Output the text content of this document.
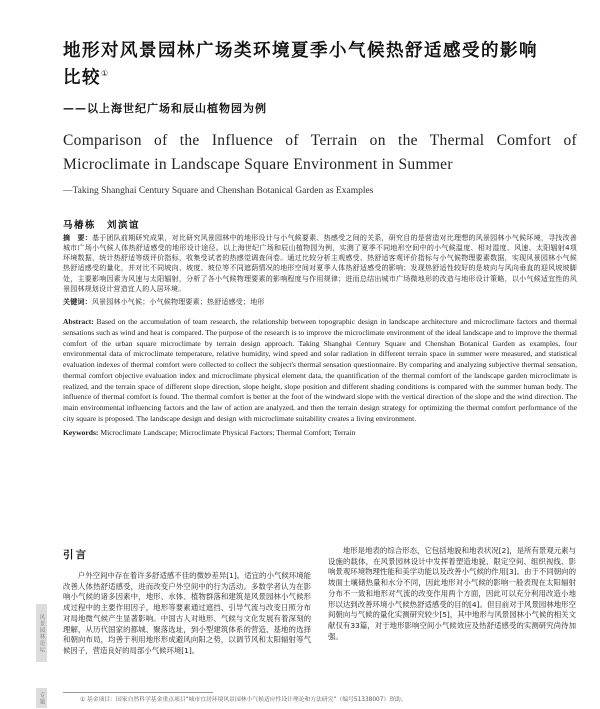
风景园林论坛
专题
地形对风景园林广场类环境夏季小气候热舒适感受的影响
比较①
——以上海世纪广场和辰山植物园为例
Comparison of the Influence of Terrain on the Thermal Comfort of Microclimate in Landscape Square Environment in Summer
—Taking Shanghai Century Square and Chenshan Botanical Garden as Examples
马椿栋　刘滨谊

摘　要：基于团队前期研究成果，对比研究风景园林中的地形设计与小气候要素、热感受之间的关系，研究目的是营造对比理想的风景园林小气候环境，寻找改善城市广场小气候人体热舒适感受的地形设计途径。以上海世纪广场和辰山植物园为例，实测了夏季不同地形空间中的小气候温度、相对湿度、风速、太阳辐射4项环境数据，统计热舒适等级评价指标，收集受试者的热感觉调查问卷。通过比较分析主观感受、热舒适客观评价指标与小气候物理要素数据，实现风景园林小气候热舒适感受的量化，并对比不同坡向、坡度、坡位等不同遮荫情况的地形空间对夏季人体热舒适感受的影响；发现热舒适性较好的是坡向与风向垂直的迎风坡坡脚处，主要影响因素为风速与太阳辐射，分析了各小气候物理要素的影响程度与作用规律；进而总结出城市广场微地形的改造与地形设计策略，以小气候适宜性的风景园林规划设计营造宜人的人居环境。

关键词：风景园林小气候；小气候物理要素；热舒适感受；地形

Abstract: Based on the accumulation of team research, the relationship between topographic design in landscape architecture and microclimate factors and thermal sensations such as wind and heat is compared. The purpose of the research is to improve the microclimate environment of the ideal landscape and to improve the thermal comfort of the urban square microclimate by terrain design approach. Taking Shanghai Century Square and Chenshan Botanical Garden as examples, four environmental data of microclimate temperature, relative humidity, wind speed and solar radiation in different terrain space in summer were measured, and statistical evaluation indexes of thermal comfort were collected to collect the subject's thermal sensation questionnaire. By comparing and analyzing subjective thermal sensation, thermal comfort objective evaluation index and microclimate physical element data, the quantification of the thermal comfort of the landscape garden microclimate is realized, and the terrain space of different slope direction, slope height, slope position and different shading conditions is compared with the summer human body. The influence of thermal comfort is found. The thermal comfort is better at the foot of the windward slope with the vertical direction of the slope and the wind direction. The main environmental influencing factors and the law of action are analyzed, and then the terrain design strategy for optimizing the thermal comfort performance of the city square is proposed. The landscape design and design with microclimate suitability creates a living environment.

Keywords: Microclimate Landscape; Microclimate Physical Factors; Thermal Comfort; Terrain

引言

户外空间中存在着许多舒适感不佳的微妙差异[1]。适宜的小气候环境能改善人体热舒适感受，进而改变户外空间中的行为活动。多数学者认为在影响小气候的诸多因素中，地形、水体、植物群落和建筑是风景园林小气候形成过程中的主要作用因子，地形等要素通过遮挡、引导气流与改变日照分布对局地微气候产生显著影响。中国古人对地形、气候与文化发展有着深刻的理解，从历代国家的都城、聚落选址，到小型建筑体系的营造、基地的选择和朝向布局，均善于利用地形形成避风向阳之势，以调节风和太阳辐射等气候因子，营造良好的局部小气候环境[1]。

地形是地表的综合形态，它包括地貌和地表状况[2]，是所有景观元素与设施的载体，在风景园林设计中发挥着塑造地貌、限定空间、组织视线、影响景观环境物理性能和美学功能以及改善小气候的作用[3]。由于不同朝向的坡面土壤储热量和水分不同，因此地形对小气候的影响一般表现在太阳辐射分布不一致和地形对气流的改变作用两个方面，因此可以充分利用改造小地形以达到改善环境小气候热舒适感受的目的[4]。但目前对于风景园林地形空间朝向与气候的量化实测研究较少[5]，其中地形与风景园林小气候的相关文献仅有33篇，对于地形影响空间小气候效应及热舒适感受的实测研究尚待加强。

① 基金项目：国家自然科学基金重点项目“城市宜居环境风景园林小气候适应性设计理论和方法研究”（编号51338007）资助。
